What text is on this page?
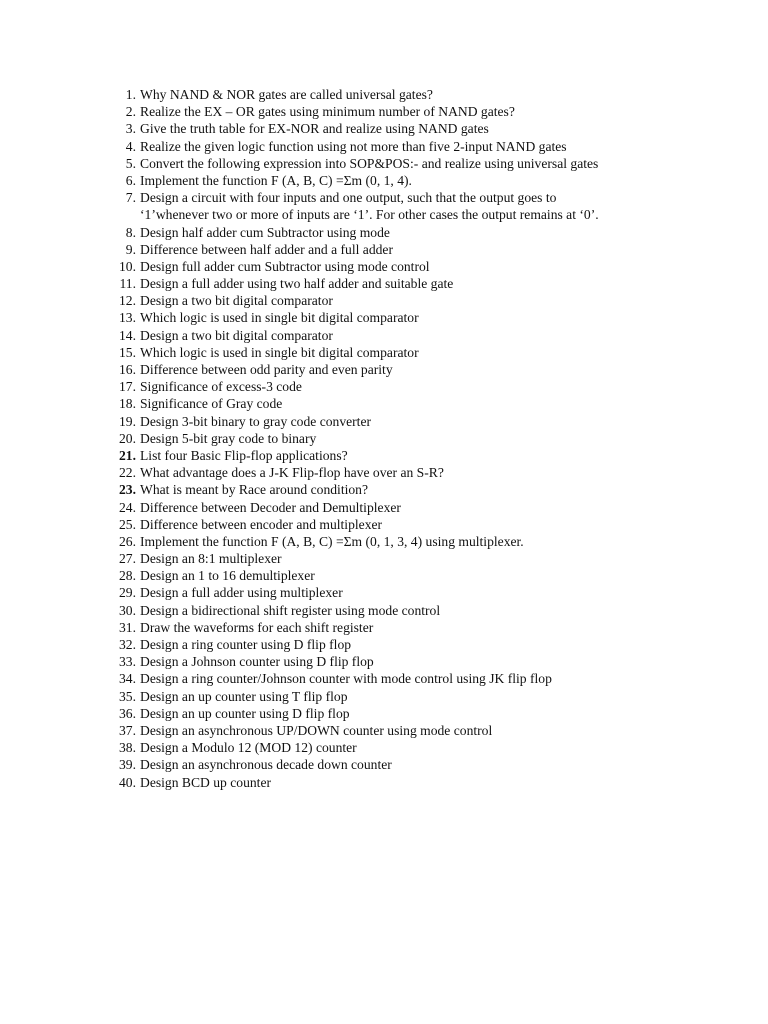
1. Why NAND & NOR gates are called universal gates?
2. Realize the EX – OR gates using minimum number of NAND gates?
3. Give the truth table for EX-NOR and realize using NAND gates
4. Realize the given logic function using not more than five 2-input NAND gates
5. Convert the following expression into SOP&POS:- and realize using universal gates
6. Implement the function F (A, B, C) =Σm (0, 1, 4).
7. Design a circuit with four inputs and one output, such that the output goes to
‘1’whenever two or more of inputs are ‘1’. For other cases the output remains at ‘0’.
8. Design half adder cum Subtractor using mode
9. Difference between half adder and a full adder
10. Design full adder cum Subtractor using mode control
11. Design a full adder using two half adder and suitable gate
12. Design a two bit digital comparator
13. Which logic is used in single bit digital comparator
14. Design a two bit digital comparator
15. Which logic is used in single bit digital comparator
16. Difference between odd parity and even parity
17. Significance of excess-3 code
18. Significance of Gray code
19. Design 3-bit binary to gray code converter
20. Design 5-bit gray code to binary
21. List four Basic Flip-flop applications?
22. What advantage does a J-K Flip-flop have over an S-R?
23. What is meant by Race around condition?
24. Difference between Decoder and Demultiplexer
25. Difference between encoder and multiplexer
26. Implement the function F (A, B, C) =Σm (0, 1, 3, 4) using multiplexer.
27. Design an 8:1 multiplexer
28. Design an 1 to 16 demultiplexer
29. Design a full adder using multiplexer
30. Design a bidirectional shift register using mode control
31. Draw the waveforms for each shift register
32. Design a ring counter using D flip flop
33. Design a Johnson counter using D flip flop
34. Design a ring counter/Johnson counter with mode control using JK flip flop
35. Design an up counter using T flip flop
36. Design an up counter using D flip flop
37. Design an asynchronous UP/DOWN counter using mode control
38. Design a Modulo 12 (MOD 12) counter
39. Design an asynchronous decade down counter
40. Design BCD up counter
